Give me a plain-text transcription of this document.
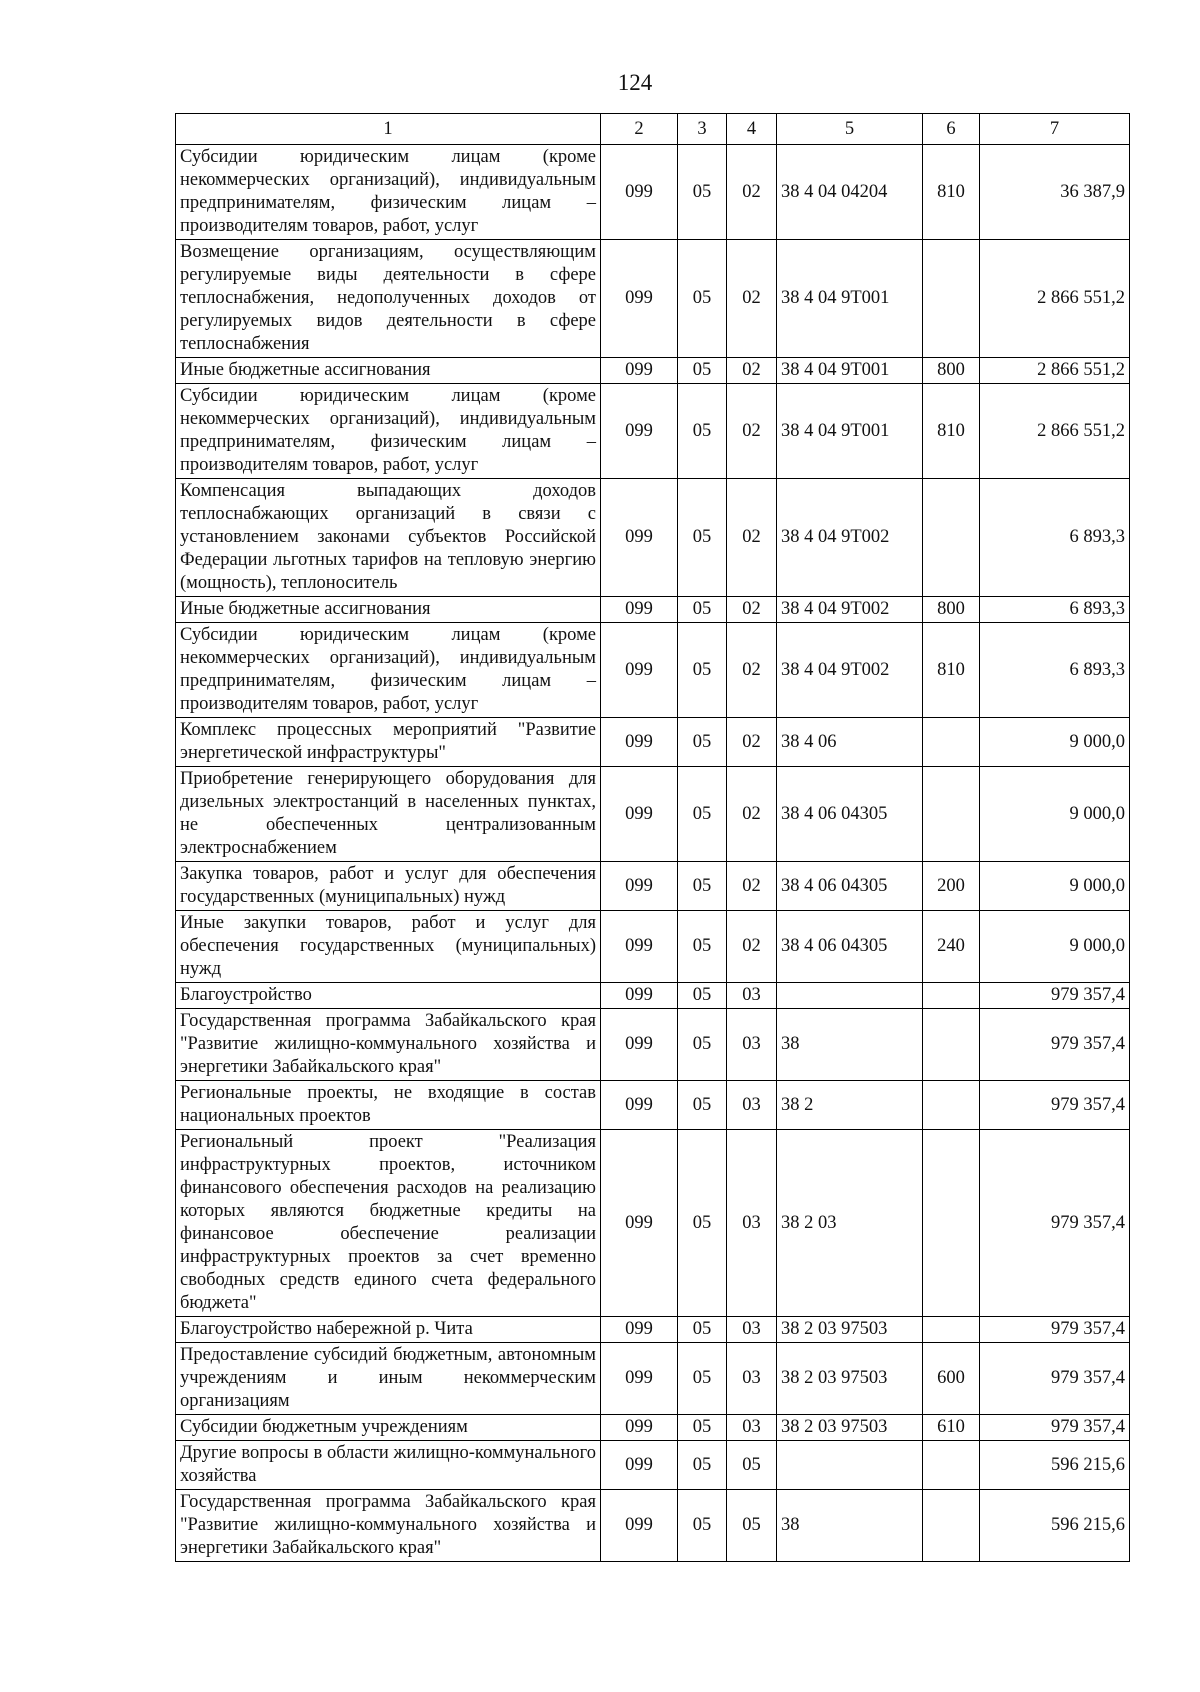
124
1	2	3	4	5	6	7
Субсидии юридическим лицам (кроме некоммерческих организаций), индивидуальным предпринимателям, физическим лицам – производителям товаров, работ, услуг	099	05	02	38 4 04 04204	810	36 387,9
Возмещение организациям, осуществляющим регулируемые виды деятельности в сфере теплоснабжения, недополученных доходов от регулируемых видов деятельности в сфере теплоснабжения	099	05	02	38 4 04 9Т001		2 866 551,2
Иные бюджетные ассигнования	099	05	02	38 4 04 9Т001	800	2 866 551,2
Субсидии юридическим лицам (кроме некоммерческих организаций), индивидуальным предпринимателям, физическим лицам – производителям товаров, работ, услуг	099	05	02	38 4 04 9Т001	810	2 866 551,2
Компенсация выпадающих доходов теплоснабжающих организаций в связи с установлением законами субъектов Российской Федерации льготных тарифов на тепловую энергию (мощность), теплоноситель	099	05	02	38 4 04 9Т002		6 893,3
Иные бюджетные ассигнования	099	05	02	38 4 04 9Т002	800	6 893,3
Субсидии юридическим лицам (кроме некоммерческих организаций), индивидуальным предпринимателям, физическим лицам – производителям товаров, работ, услуг	099	05	02	38 4 04 9Т002	810	6 893,3
Комплекс процессных мероприятий "Развитие энергетической инфраструктуры"	099	05	02	38 4 06		9 000,0
Приобретение генерирующего оборудования для дизельных электростанций в населенных пунктах, не обеспеченных централизованным электроснабжением	099	05	02	38 4 06 04305		9 000,0
Закупка товаров, работ и услуг для обеспечения государственных (муниципальных) нужд	099	05	02	38 4 06 04305	200	9 000,0
Иные закупки товаров, работ и услуг для обеспечения государственных (муниципальных) нужд	099	05	02	38 4 06 04305	240	9 000,0
Благоустройство	099	05	03			979 357,4
Государственная программа Забайкальского края "Развитие жилищно-коммунального хозяйства и энергетики Забайкальского края"	099	05	03	38		979 357,4
Региональные проекты, не входящие в состав национальных проектов	099	05	03	38 2		979 357,4
Региональный проект "Реализация инфраструктурных проектов, источником финансового обеспечения расходов на реализацию которых являются бюджетные кредиты на финансовое обеспечение реализации инфраструктурных проектов за счет временно свободных средств единого счета федерального бюджета"	099	05	03	38 2 03		979 357,4
Благоустройство набережной р. Чита	099	05	03	38 2 03 97503		979 357,4
Предоставление субсидий бюджетным, автономным учреждениям и иным некоммерческим организациям	099	05	03	38 2 03 97503	600	979 357,4
Субсидии бюджетным учреждениям	099	05	03	38 2 03 97503	610	979 357,4
Другие вопросы в области жилищно-коммунального хозяйства	099	05	05			596 215,6
Государственная программа Забайкальского края "Развитие жилищно-коммунального хозяйства и энергетики Забайкальского края"	099	05	05	38		596 215,6
